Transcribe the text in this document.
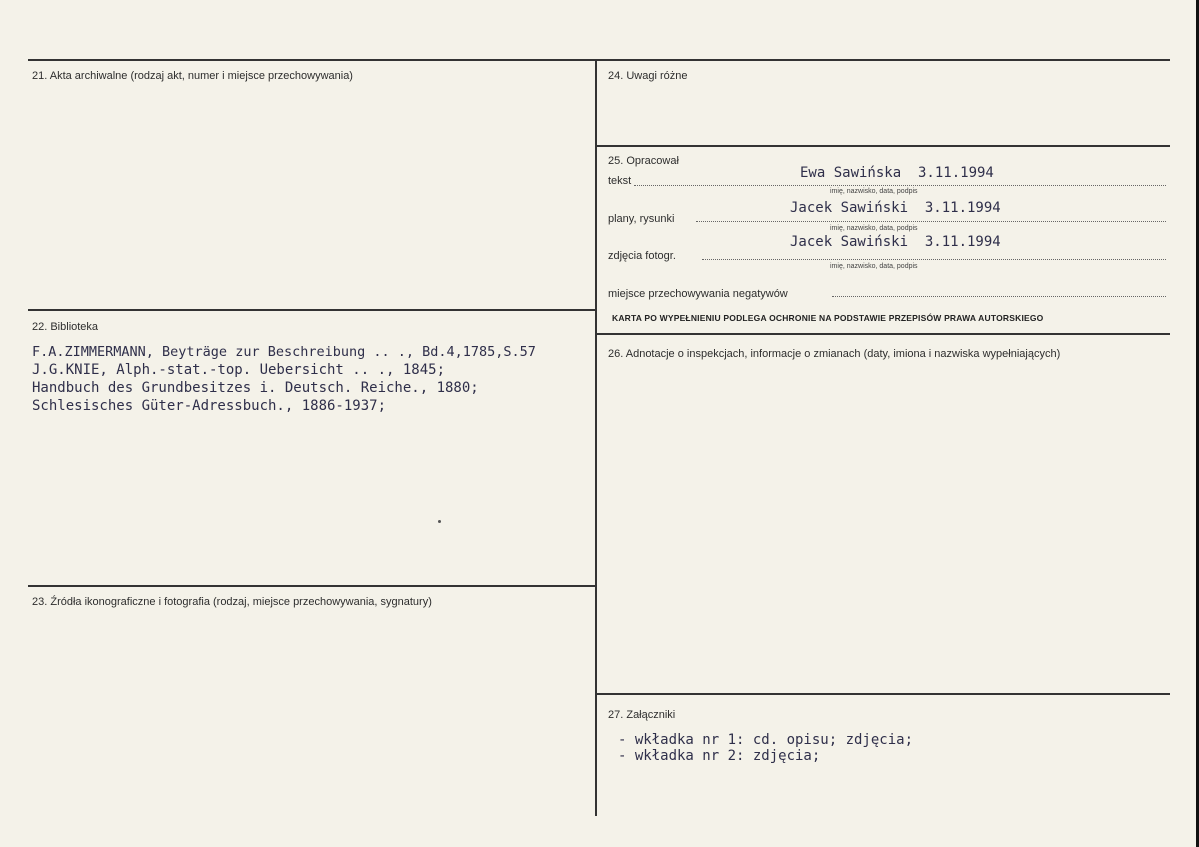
21. Akta archiwalne (rodzaj akt, numer i miejsce przechowywania)
22. Biblioteka
F.A.ZIMMERMANN, Beyträge zur Beschreibung .. ., Bd.4,1785,S.57
J.G.KNIE, Alph.-stat.-top. Uebersicht .. ., 1845;
Handbuch des Grundbesitzes i. Deutsch. Reiche., 1880;
Schlesisches Güter-Adressbuch., 1886-1937;
23. Źródła ikonograficzne i fotografia (rodzaj, miejsce przechowywania, sygnatury)
24. Uwagi różne
25. Opracował
tekst	Ewa Sawińska  3.11.1994
imię, nazwisko, data, podpis
plany, rysunki
Jacek Sawiński  3.11.1994
imię, nazwisko, data, podpis
zdjęcia fotogr.
Jacek Sawiński  3.11.1994
imię, nazwisko, data, podpis
miejsce przechowywania negatywów
KARTA PO WYPEŁNIENIU PODLEGA OCHRONIE NA PODSTAWIE PRZEPISÓW PRAWA AUTORSKIEGO
26. Adnotacje o inspekcjach, informacje o zmianach (daty, imiona i nazwiska wypełniających)
27. Załączniki
- wkładka nr 1: cd. opisu; zdjęcia;
- wkładka nr 2: zdjęcia;
